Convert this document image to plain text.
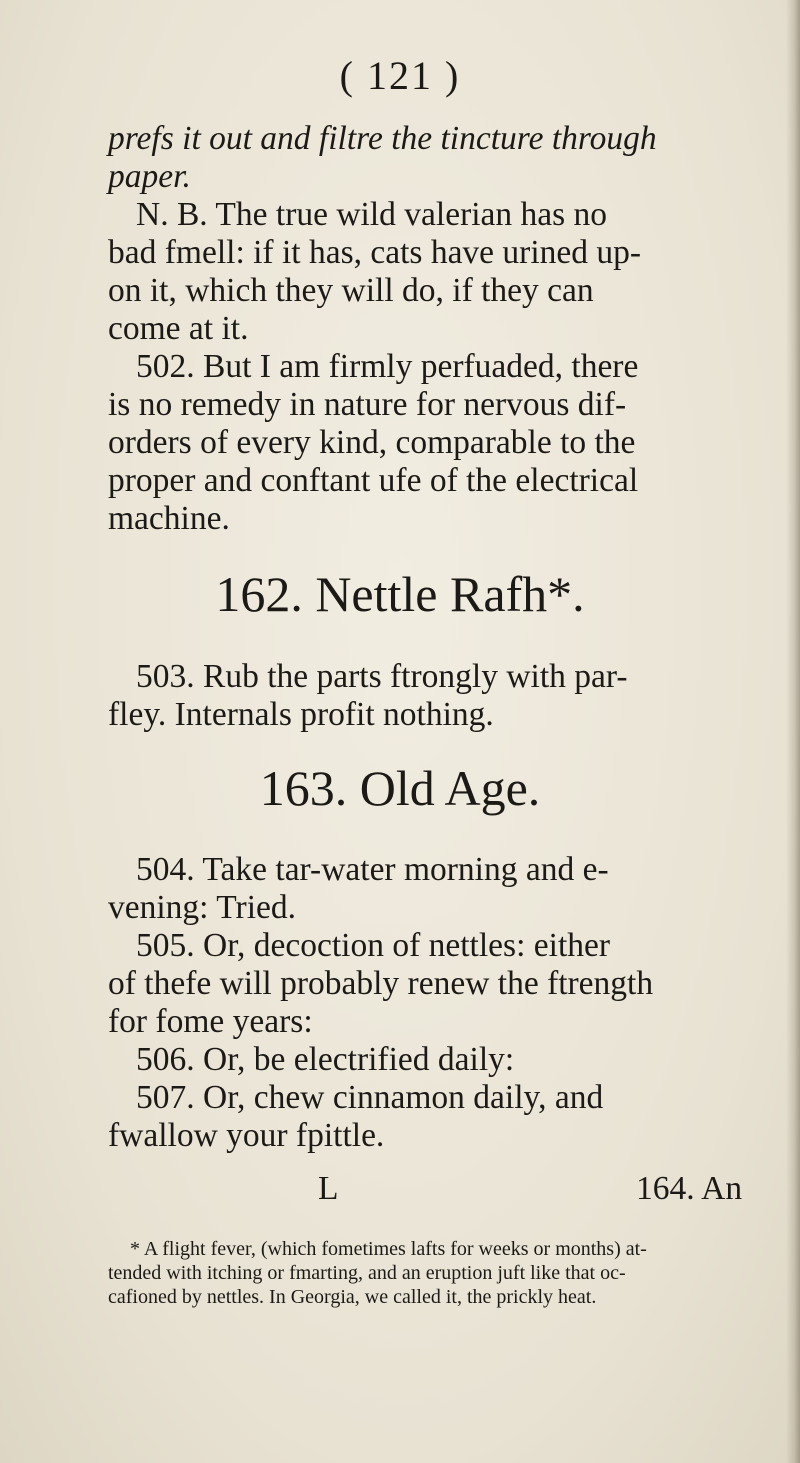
( 121 )
prefs it out and filtre the tincture through
paper.
N. B. The true wild valerian has no
bad fmell: if it has, cats have urined up-
on it, which they will do, if they can
come at it.
502. But I am firmly perfuaded, there
is no remedy in nature for nervous dif-
orders of every kind, comparable to the
proper and conftant ufe of the electrical
machine.
162. Nettle Rafh*.
503. Rub the parts ftrongly with par-
fley. Internals profit nothing.
163. Old Age.
504. Take tar-water morning and e-
vening: Tried.
505. Or, decoction of nettles: either
of thefe will probably renew the ftrength
for fome years:
506. Or, be electrified daily:
507. Or, chew cinnamon daily, and
fwallow your fpittle.
L	164. An
* A flight fever, (which fometimes lafts for weeks or months) at-
tended with itching or fmarting, and an eruption juft like that oc-
cafioned by nettles. In Georgia, we called it, the prickly heat.
